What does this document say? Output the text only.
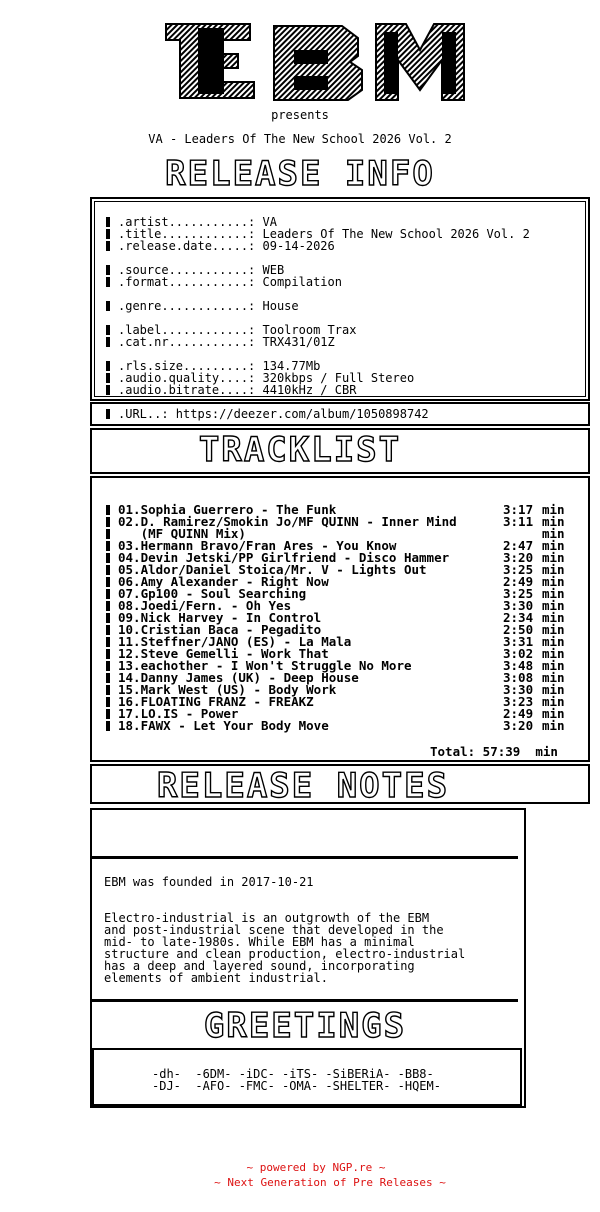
presents
VA - Leaders Of The New School 2026 Vol. 2
RELEASE INFO
.artist...........: VA
.title............: Leaders Of The New School 2026 Vol. 2
.release.date.....: 09-14-2026
.source...........: WEB
.format...........: Compilation
.genre............: House
.label............: Toolroom Trax
.cat.nr...........: TRX431/01Z
.rls.size.........: 134.77Mb
.audio.quality....: 320kbps / Full Stereo
.audio.bitrate....: 4410kHz / CBR
.URL..: https://deezer.com/album/1050898742
TRACKLIST
01.Sophia Guerrero - The Funk	3:17 min
02.D. Ramirez/Smokin Jo/MF QUINN - Inner Mind	3:11 min
(MF QUINN Mix)	min
03.Hermann Bravo/Fran Ares - You Know	2:47 min
04.Devin Jetski/PP Girlfriend - Disco Hammer	3:20 min
05.Aldor/Daniel Stoica/Mr. V - Lights Out	3:25 min
06.Amy Alexander - Right Now	2:49 min
07.Gp100 - Soul Searching	3:25 min
08.Joedi/Fern. - Oh Yes	3:30 min
09.Nick Harvey - In Control	2:34 min
10.Cristian Baca - Pegadito	2:50 min
11.Steffner/JANO (ES) - La Mala	3:31 min
12.Steve Gemelli - Work That	3:02 min
13.eachother - I Won't Struggle No More	3:48 min
14.Danny James (UK) - Deep House	3:08 min
15.Mark West (US) - Body Work	3:30 min
16.FLOATING FRANZ - FREAKZ	3:23 min
17.LO.IS - Power	2:49 min
18.FAWX - Let Your Body Move	3:20 min
Total: 57:39  min
RELEASE NOTES
EBM was founded in 2017-10-21
Electro-industrial is an outgrowth of the EBM
and post-industrial scene that developed in the
mid- to late-1980s. While EBM has a minimal
structure and clean production, electro-industrial
has a deep and layered sound, incorporating
elements of ambient industrial.
GREETINGS
-dh-  -6DM- -iDC- -iTS- -SiBERiA- -BB8-
-DJ-  -AFO- -FMC- -OMA- -SHELTER- -HQEM-
~ powered by NGP.re ~
~ Next Generation of Pre Releases ~
